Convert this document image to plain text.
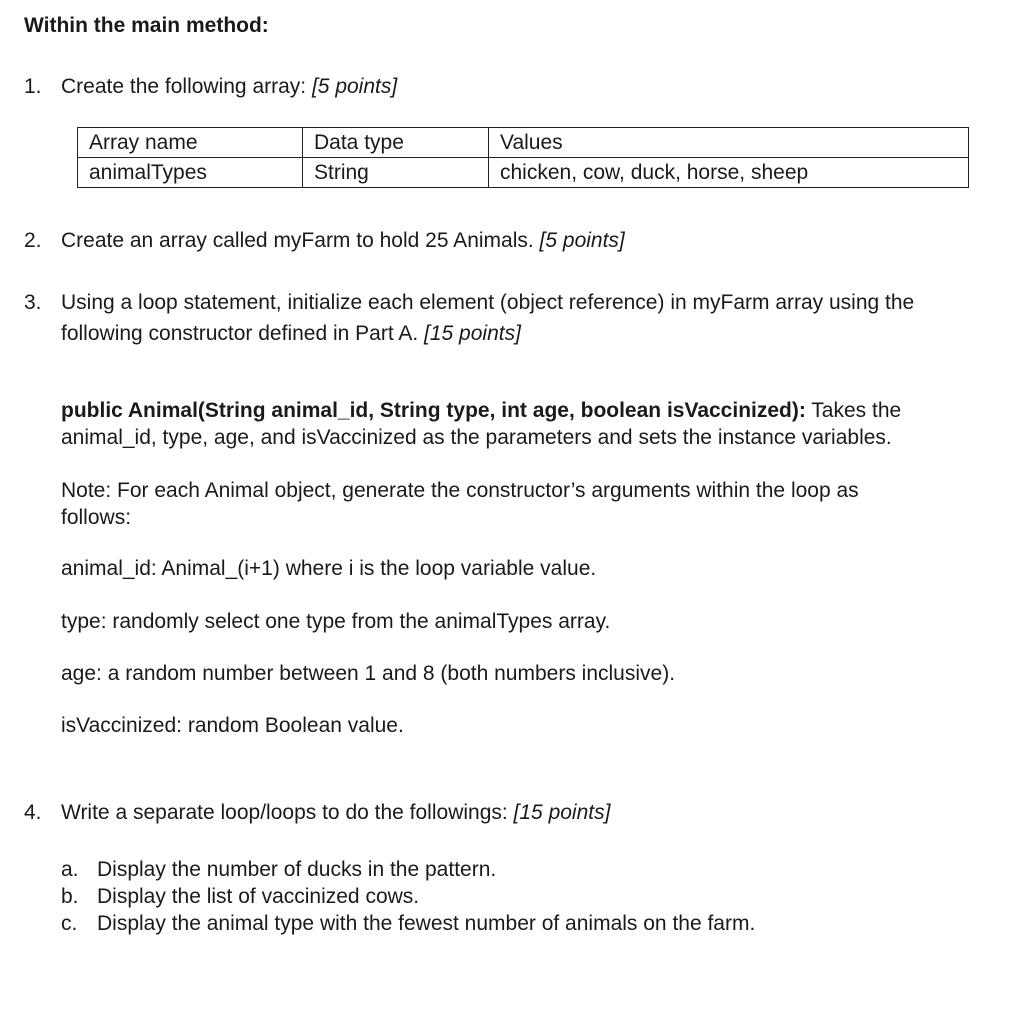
Within the main method:
1. Create the following array: [5 points]
Array name	Data type	Values
animalTypes	String	chicken, cow, duck, horse, sheep
2. Create an array called myFarm to hold 25 Animals. [5 points]
3. Using a loop statement, initialize each element (object reference) in myFarm array using the
following constructor defined in Part A. [15 points]
public Animal(String animal_id, String type, int age, boolean isVaccinized): Takes the
animal_id, type, age, and isVaccinized as the parameters and sets the instance variables.
Note: For each Animal object, generate the constructor’s arguments within the loop as
follows:
animal_id: Animal_(i+1) where i is the loop variable value.
type: randomly select one type from the animalTypes array.
age: a random number between 1 and 8 (both numbers inclusive).
isVaccinized: random Boolean value.
4. Write a separate loop/loops to do the followings: [15 points]
a. Display the number of ducks in the pattern.
b. Display the list of vaccinized cows.
c. Display the animal type with the fewest number of animals on the farm.
